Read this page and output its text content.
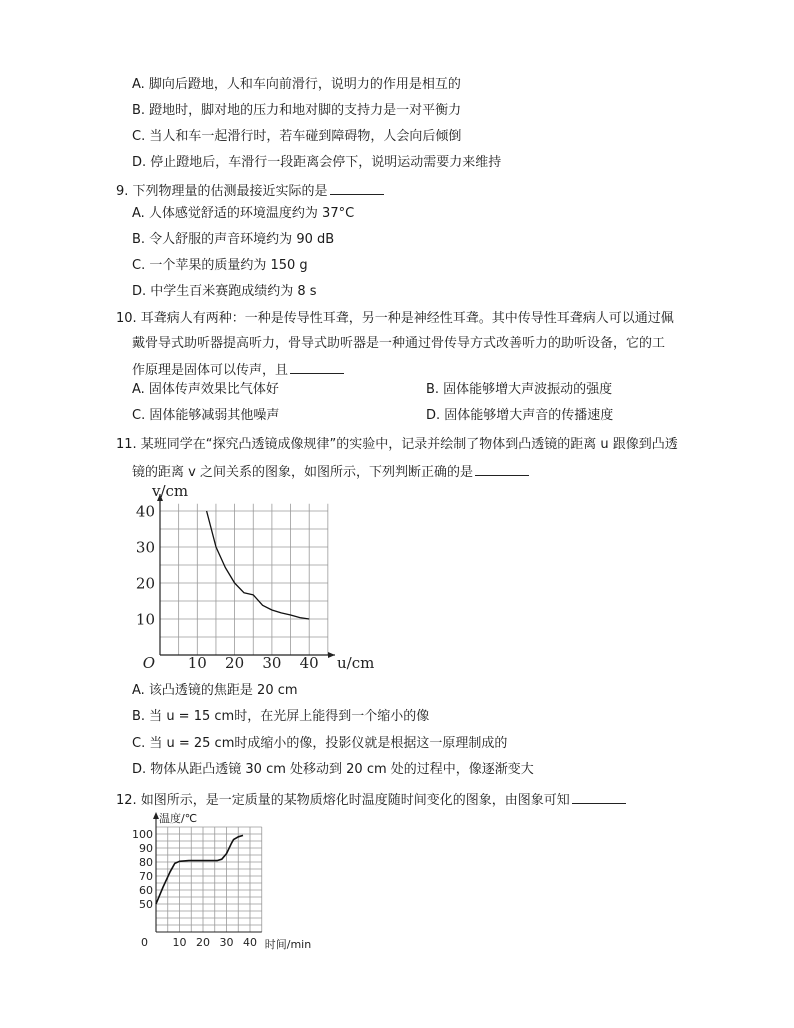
A. 脚向后蹬地，人和车向前滑行，说明力的作用是相互的
B. 蹬地时，脚对地的压力和地对脚的支持力是一对平衡力
C. 当人和车一起滑行时，若车碰到障碍物，人会向后倾倒
D. 停止蹬地后，车滑行一段距离会停下，说明运动需要力来维持
9. 下列物理量的估测最接近实际的是
A. 人体感觉舒适的环境温度约为 37°C
B. 令人舒服的声音环境约为 90 dB
C. 一个苹果的质量约为 150 g
D. 中学生百米赛跑成绩约为 8 s
10. 耳聋病人有两种：一种是传导性耳聋，另一种是神经性耳聋。其中传导性耳聋病人可以通过佩
戴骨导式助听器提高听力，骨导式助听器是一种通过骨传导方式改善听力的助听设备，它的工
作原理是固体可以传声，且
A. 固体传声效果比气体好	B. 固体能够增大声波振动的强度
C. 固体能够减弱其他噪声	D. 固体能够增大声音的传播速度
11. 某班同学在“探究凸透镜成像规律”的实验中，记录并绘制了物体到凸透镜的距离 u 跟像到凸透
镜的距离 v 之间关系的图象，如图所示，下列判断正确的是
10 20 30 40
10
20
30
40
O	u/cm
v/cm
A. 该凸透镜的焦距是 20 cm
B. 当 u = 15 cm时，在光屏上能得到一个缩小的像
C. 当 u = 25 cm时成缩小的像，投影仪就是根据这一原理制成的
D. 物体从距凸透镜 30 cm 处移动到 20 cm 处的过程中，像逐渐变大
12. 如图所示，是一定质量的某物质熔化时温度随时间变化的图象，由图象可知
10 20 30 40
50
60
70
80
90
100
0	时间/min
温度/℃
